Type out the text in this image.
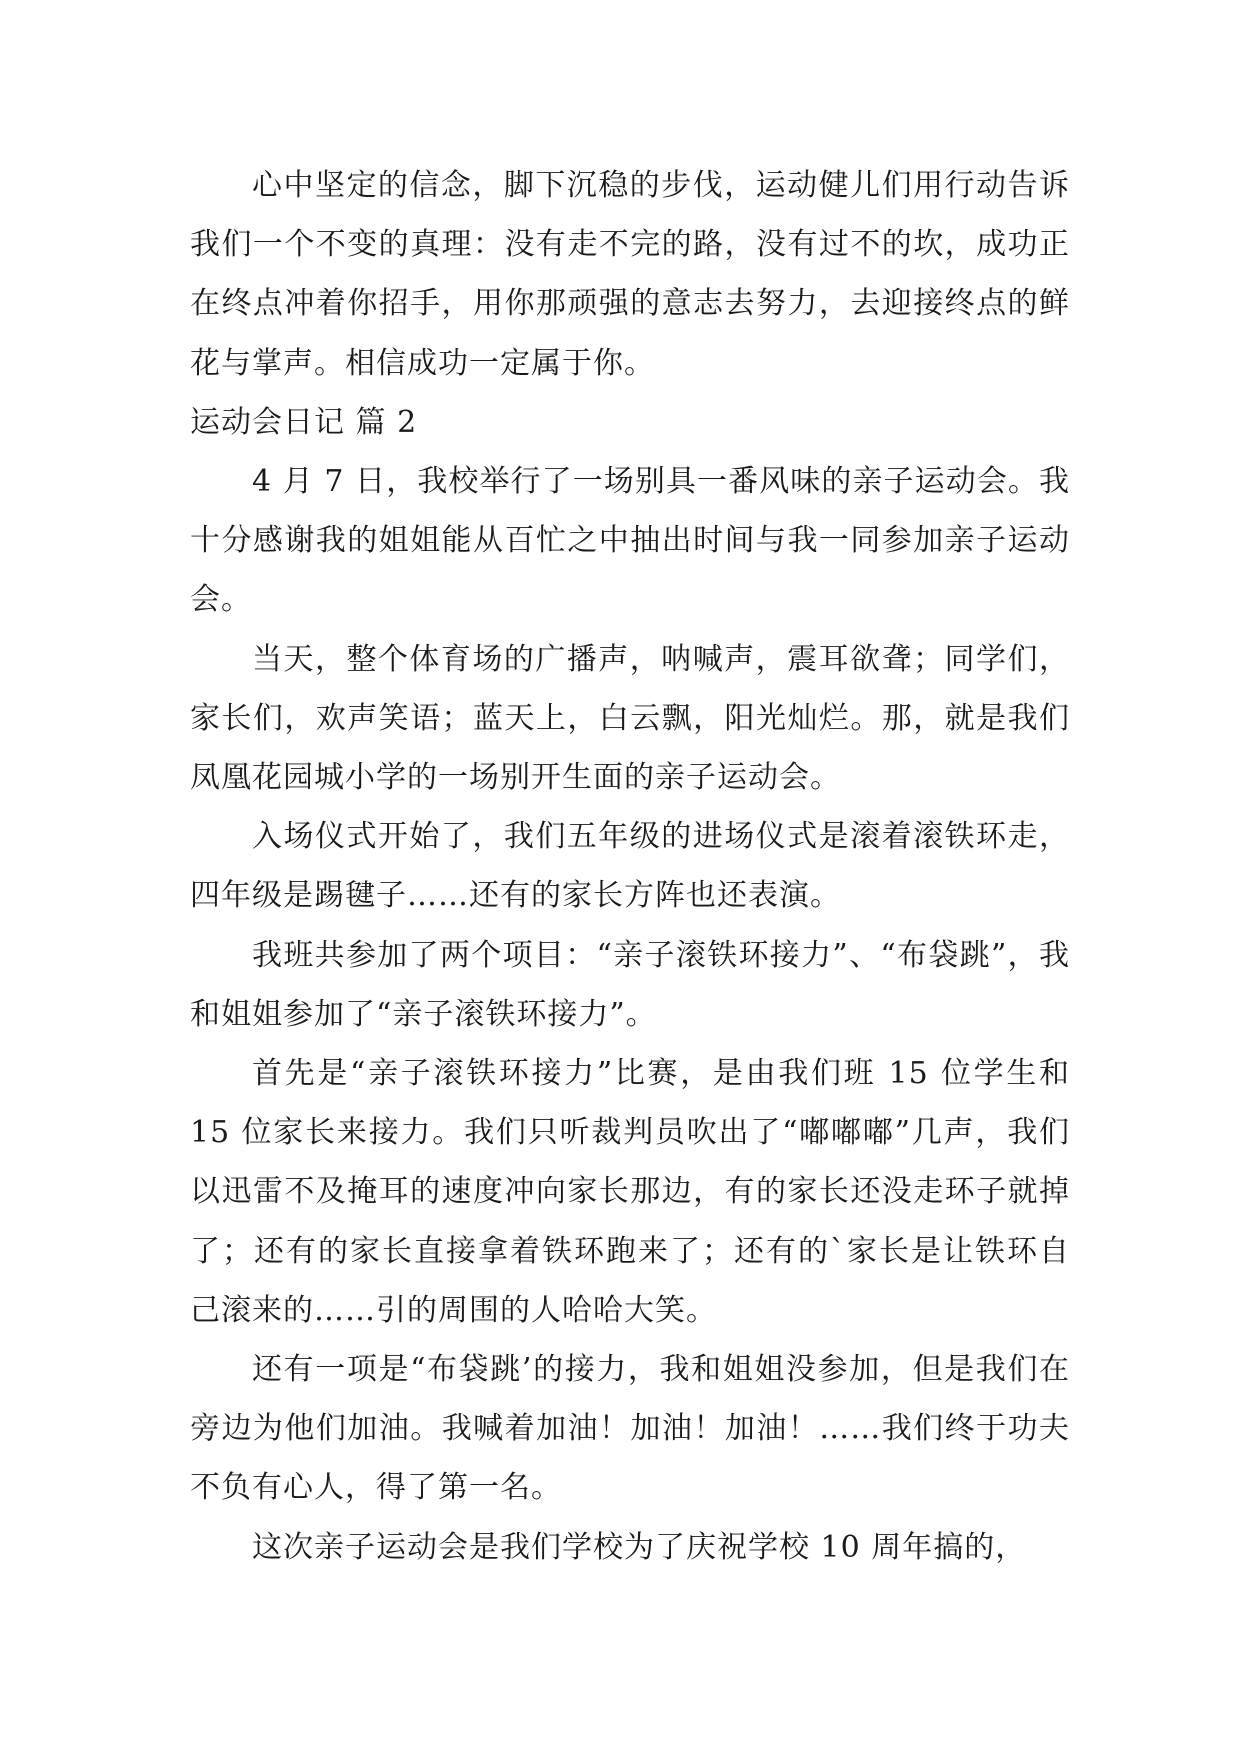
心中坚定的信念，脚下沉稳的步伐，运动健儿们用行动告诉我们一个不变的真理：没有走不完的路，没有过不的坎，成功正在终点冲着你招手，用你那顽强的意志去努力，去迎接终点的鲜花与掌声。相信成功一定属于你。

运动会日记 篇 2

4 月 7 日，我校举行了一场别具一番风味的亲子运动会。我十分感谢我的姐姐能从百忙之中抽出时间与我一同参加亲子运动会。

当天，整个体育场的广播声，呐喊声，震耳欲聋；同学们，家长们，欢声笑语；蓝天上，白云飘，阳光灿烂。那，就是我们凤凰花园城小学的一场别开生面的亲子运动会。

入场仪式开始了，我们五年级的进场仪式是滚着滚铁环走，四年级是踢毽子……还有的家长方阵也还表演。

我班共参加了两个项目：“亲子滚铁环接力”、“布袋跳”，我和姐姐参加了“亲子滚铁环接力”。

首先是“亲子滚铁环接力”比赛，是由我们班 15 位学生和 15 位家长来接力。我们只听裁判员吹出了“嘟嘟嘟”几声，我们以迅雷不及掩耳的速度冲向家长那边，有的家长还没走环子就掉了；还有的家长直接拿着铁环跑来了；还有的`家长是让铁环自己滚来的……引的周围的人哈哈大笑。

还有一项是“布袋跳’的接力，我和姐姐没参加，但是我们在旁边为他们加油。我喊着加油！加油！加油！……我们终于功夫不负有心人，得了第一名。

这次亲子运动会是我们学校为了庆祝学校 10 周年搞的，
